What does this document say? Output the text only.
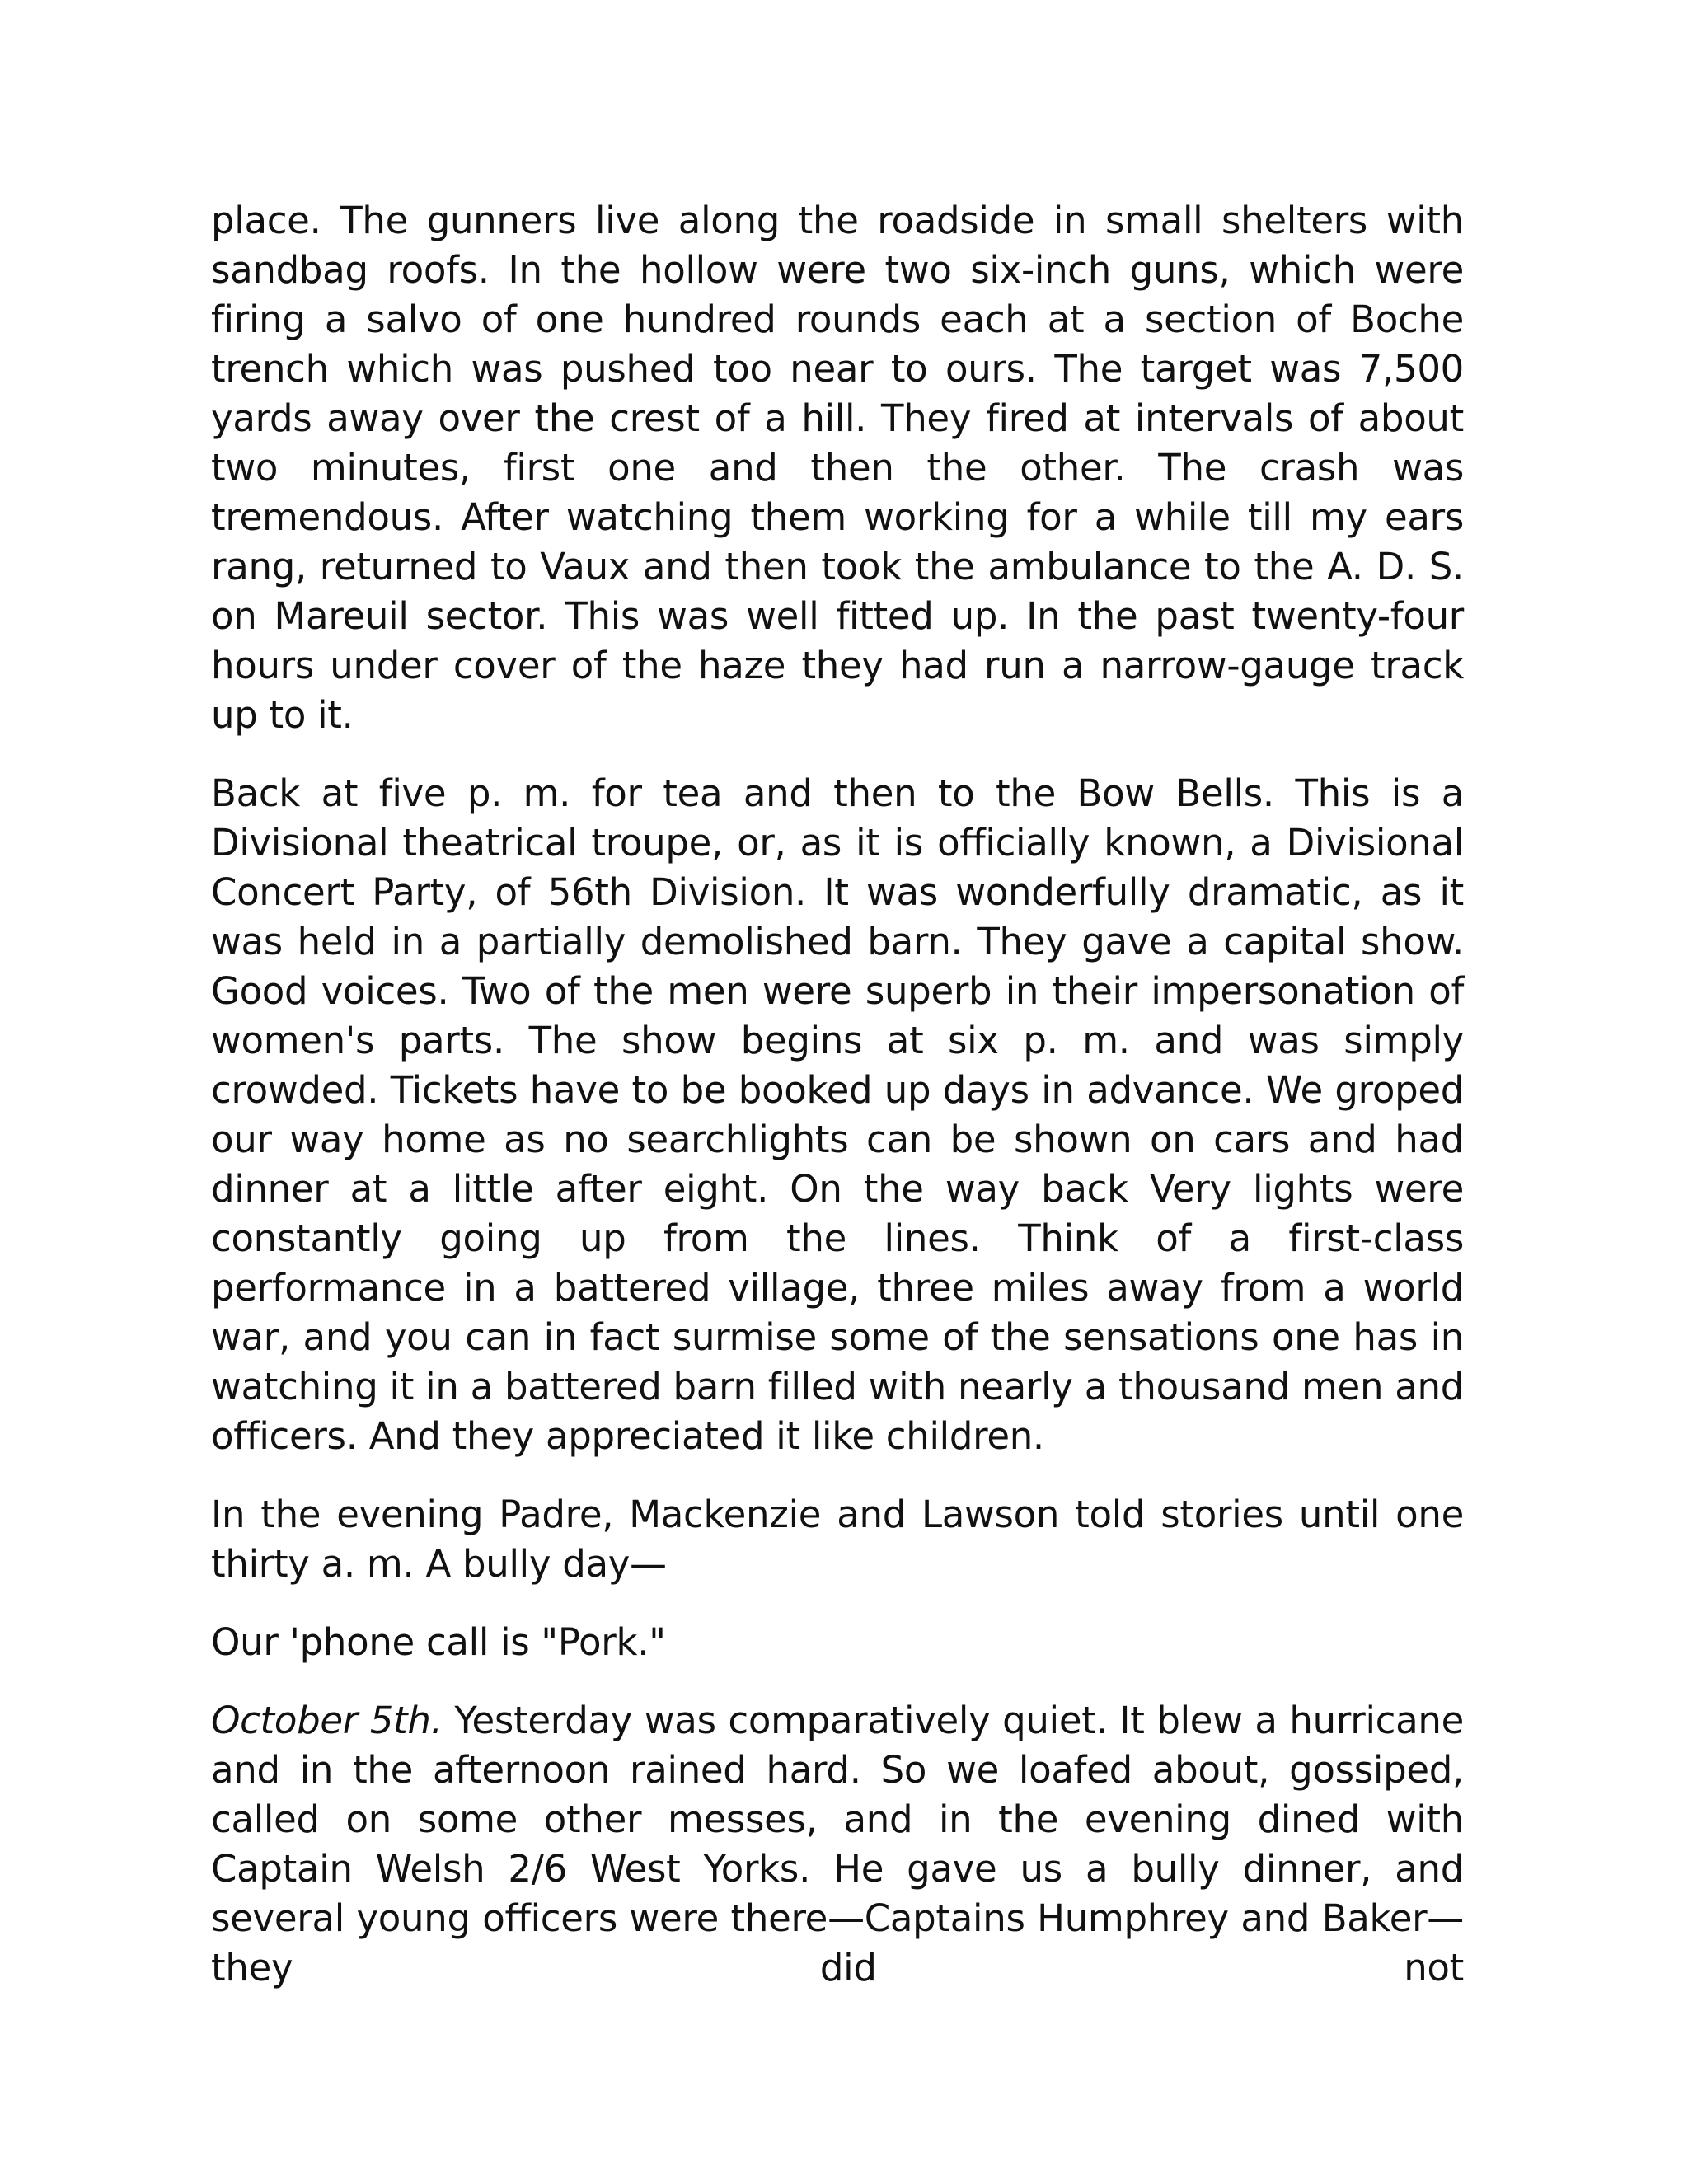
place. The gunners live along the roadside in small shelters with sandbag roofs. In the hollow were two six-inch guns, which were firing a salvo of one hundred rounds each at a section of Boche trench which was pushed too near to ours. The target was 7,500 yards away over the crest of a hill. They fired at intervals of about two minutes, first one and then the other. The crash was tremendous. After watching them working for a while till my ears rang, returned to Vaux and then took the ambulance to the A. D. S. on Mareuil sector. This was well fitted up. In the past twenty-four hours under cover of the haze they had run a narrow-gauge track up to it.

Back at five p. m. for tea and then to the Bow Bells. This is a Divisional theatrical troupe, or, as it is officially known, a Divisional Concert Party, of 56th Division. It was wonderfully dramatic, as it was held in a partially demolished barn. They gave a capital show. Good voices. Two of the men were superb in their impersonation of women's parts. The show begins at six p. m. and was simply crowded. Tickets have to be booked up days in advance. We groped our way home as no searchlights can be shown on cars and had dinner at a little after eight. On the way back Very lights were constantly going up from the lines. Think of a first-class performance in a battered village, three miles away from a world war, and you can in fact surmise some of the sensations one has in watching it in a battered barn filled with nearly a thousand men and officers. And they appreciated it like children.

In the evening Padre, Mackenzie and Lawson told stories until one thirty a. m. A bully day—

Our 'phone call is "Pork."

October 5th. Yesterday was comparatively quiet. It blew a hurricane and in the afternoon rained hard. So we loafed about, gossiped, called on some other messes, and in the evening dined with Captain Welsh 2/6 West Yorks. He gave us a bully dinner, and several young officers were there—Captains Humphrey and Baker—they did not
